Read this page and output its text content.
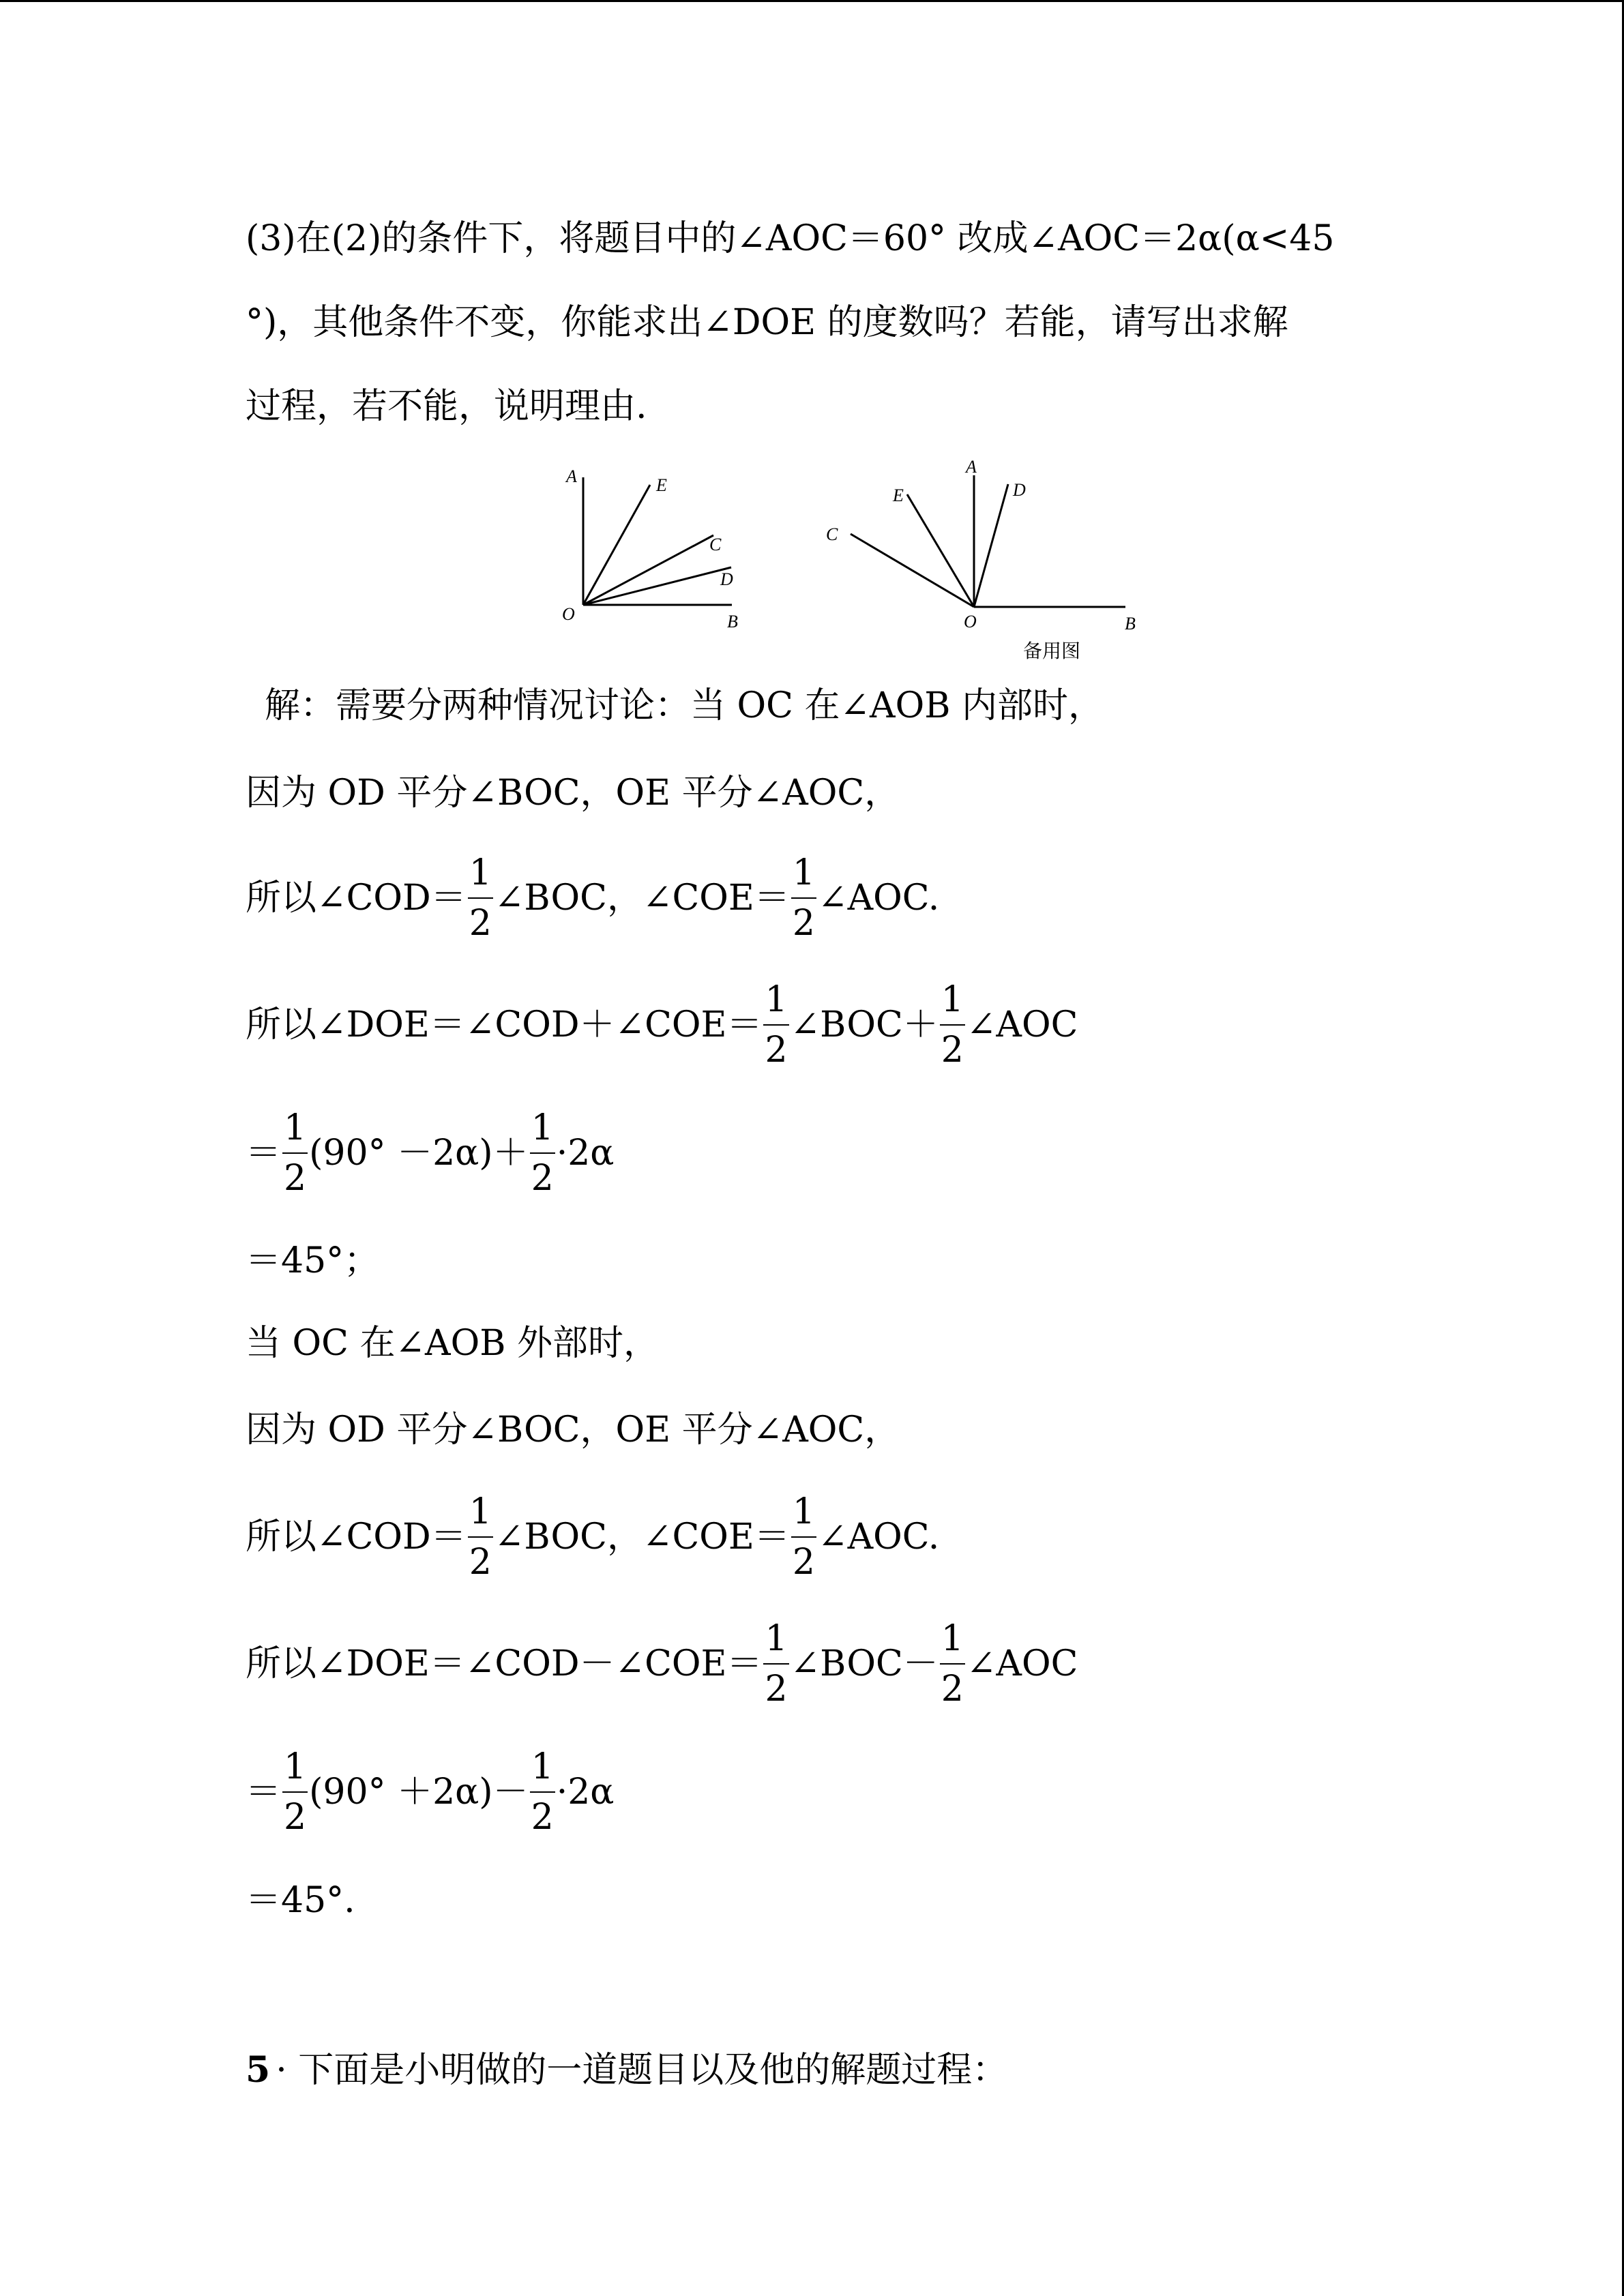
(3)在(2)的条件下，将题目中的∠AOC＝60° 改成∠AOC＝2α(α<45
°)，其他条件不变，你能求出∠DOE 的度数吗？若能，请写出求解
过程，若不能，说明理由.
A	E
C
D
O	B
A
D
E
C
O	B
备用图
解：需要分两种情况讨论：当 OC 在∠AOB 内部时，
因为 OD 平分∠BOC，OE 平分∠AOC，
所以∠COD＝ $\frac{1}{2}$ ∠BOC，∠COE＝ $\frac{1}{2}$ ∠AOC.
所以∠DOE＝∠COD＋∠COE＝ $\frac{1}{2}$ ∠BOC＋ $\frac{1}{2}$ ∠AOC
＝ $\frac{1}{2} (90^\circ -2\alpha)+ \frac{1}{2} \cdot 2\alpha$
＝45°；
当 OC 在∠AOB 外部时，
因为 OD 平分∠BOC，OE 平分∠AOC，
所以∠COD＝ $\frac{1}{2}$ ∠BOC，∠COE＝ $\frac{1}{2}$ ∠AOC.
所以∠DOE＝∠COD－∠COE＝ $\frac{1}{2}$ ∠BOC－ $\frac{1}{2}$ ∠AOC
＝ $\frac{1}{2} (90^\circ +2\alpha)- \frac{1}{2} \cdot 2\alpha$
＝45°.
5 · 下面是小明做的一道题目以及他的解题过程：
